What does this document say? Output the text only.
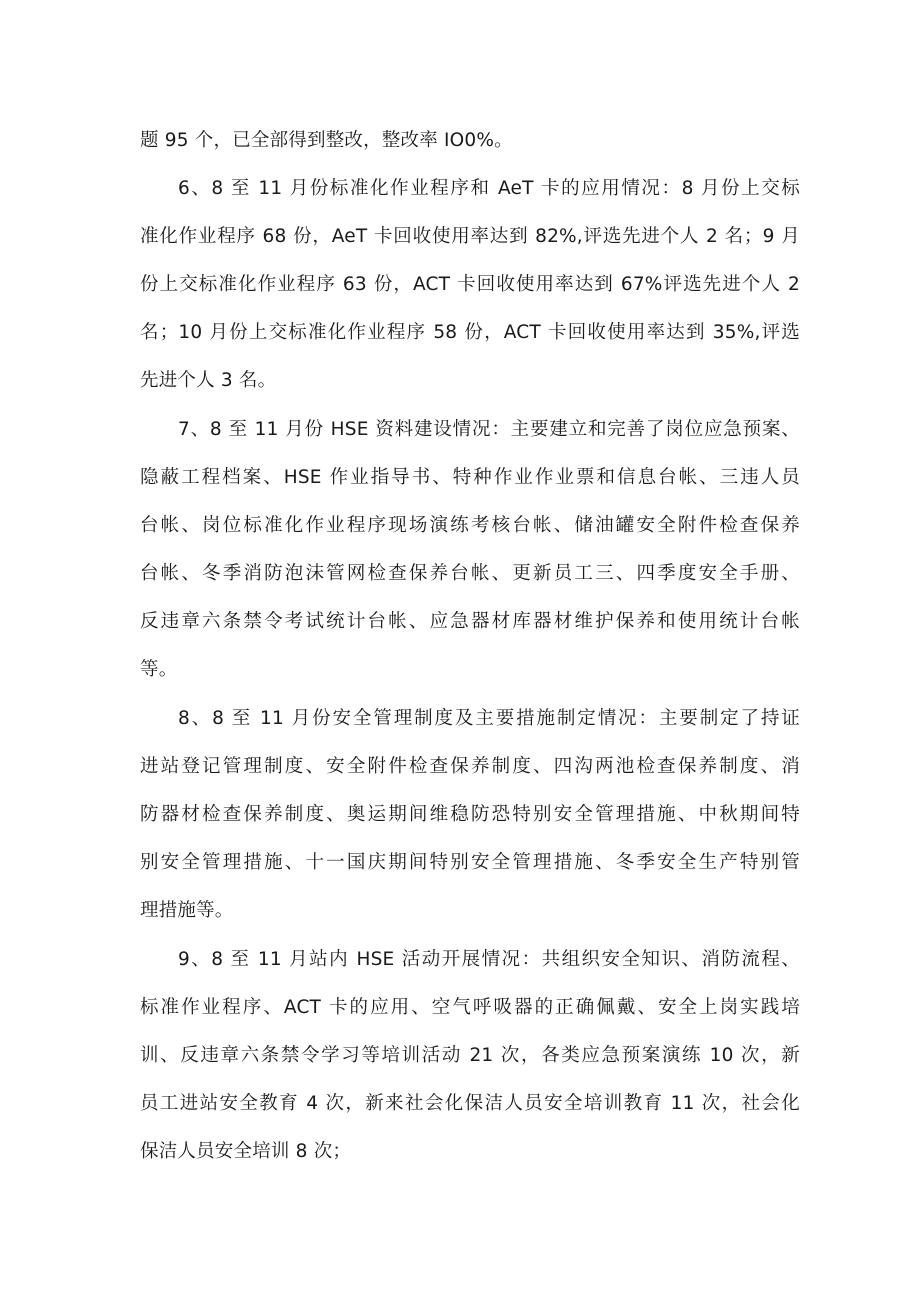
题 95 个，已全部得到整改，整改率 IO0%。
6、8 至 11 月份标准化作业程序和 AeT 卡的应用情况：8 月份上交标
准化作业程序 68 份，AeT 卡回收使用率达到 82%,评选先进个人 2 名；9 月
份上交标准化作业程序 63 份，ACT 卡回收使用率达到 67%评选先进个人 2
名；10 月份上交标准化作业程序 58 份，ACT 卡回收使用率达到 35%,评选
先进个人 3 名。
7、8 至 11 月份 HSE 资料建设情况：主要建立和完善了岗位应急预案、
隐蔽工程档案、HSE 作业指导书、特种作业作业票和信息台帐、三违人员
台帐、岗位标准化作业程序现场演练考核台帐、储油罐安全附件检查保养
台帐、冬季消防泡沫管网检查保养台帐、更新员工三、四季度安全手册、
反违章六条禁令考试统计台帐、应急器材库器材维护保养和使用统计台帐
等。
8、8 至 11 月份安全管理制度及主要措施制定情况：主要制定了持证
进站登记管理制度、安全附件检查保养制度、四沟两池检查保养制度、消
防器材检查保养制度、奥运期间维稳防恐特别安全管理措施、中秋期间特
别安全管理措施、十一国庆期间特别安全管理措施、冬季安全生产特别管
理措施等。
9、8 至 11 月站内 HSE 活动开展情况：共组织安全知识、消防流程、
标准作业程序、ACT 卡的应用、空气呼吸器的正确佩戴、安全上岗实践培
训、反违章六条禁令学习等培训活动 21 次，各类应急预案演练 10 次，新
员工进站安全教育 4 次，新来社会化保洁人员安全培训教育 11 次，社会化
保洁人员安全培训 8 次；
